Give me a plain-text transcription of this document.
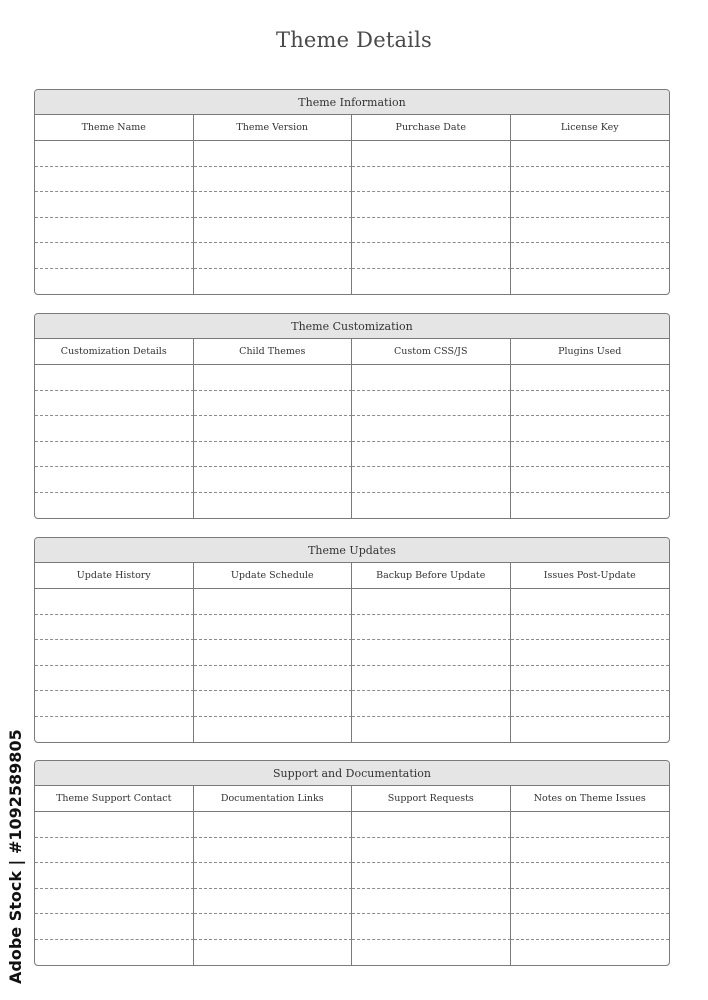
Theme Details
Theme Information
Theme Name	Theme Version	Purchase Date	License Key
Theme Customization
Customization Details	Child Themes	Custom CSS/JS	Plugins Used
Theme Updates
Update History	Update Schedule	Backup Before Update	Issues Post-Update
Support and Documentation
Theme Support Contact	Documentation Links	Support Requests	Notes on Theme Issues
Adobe Stock | #1092589805
